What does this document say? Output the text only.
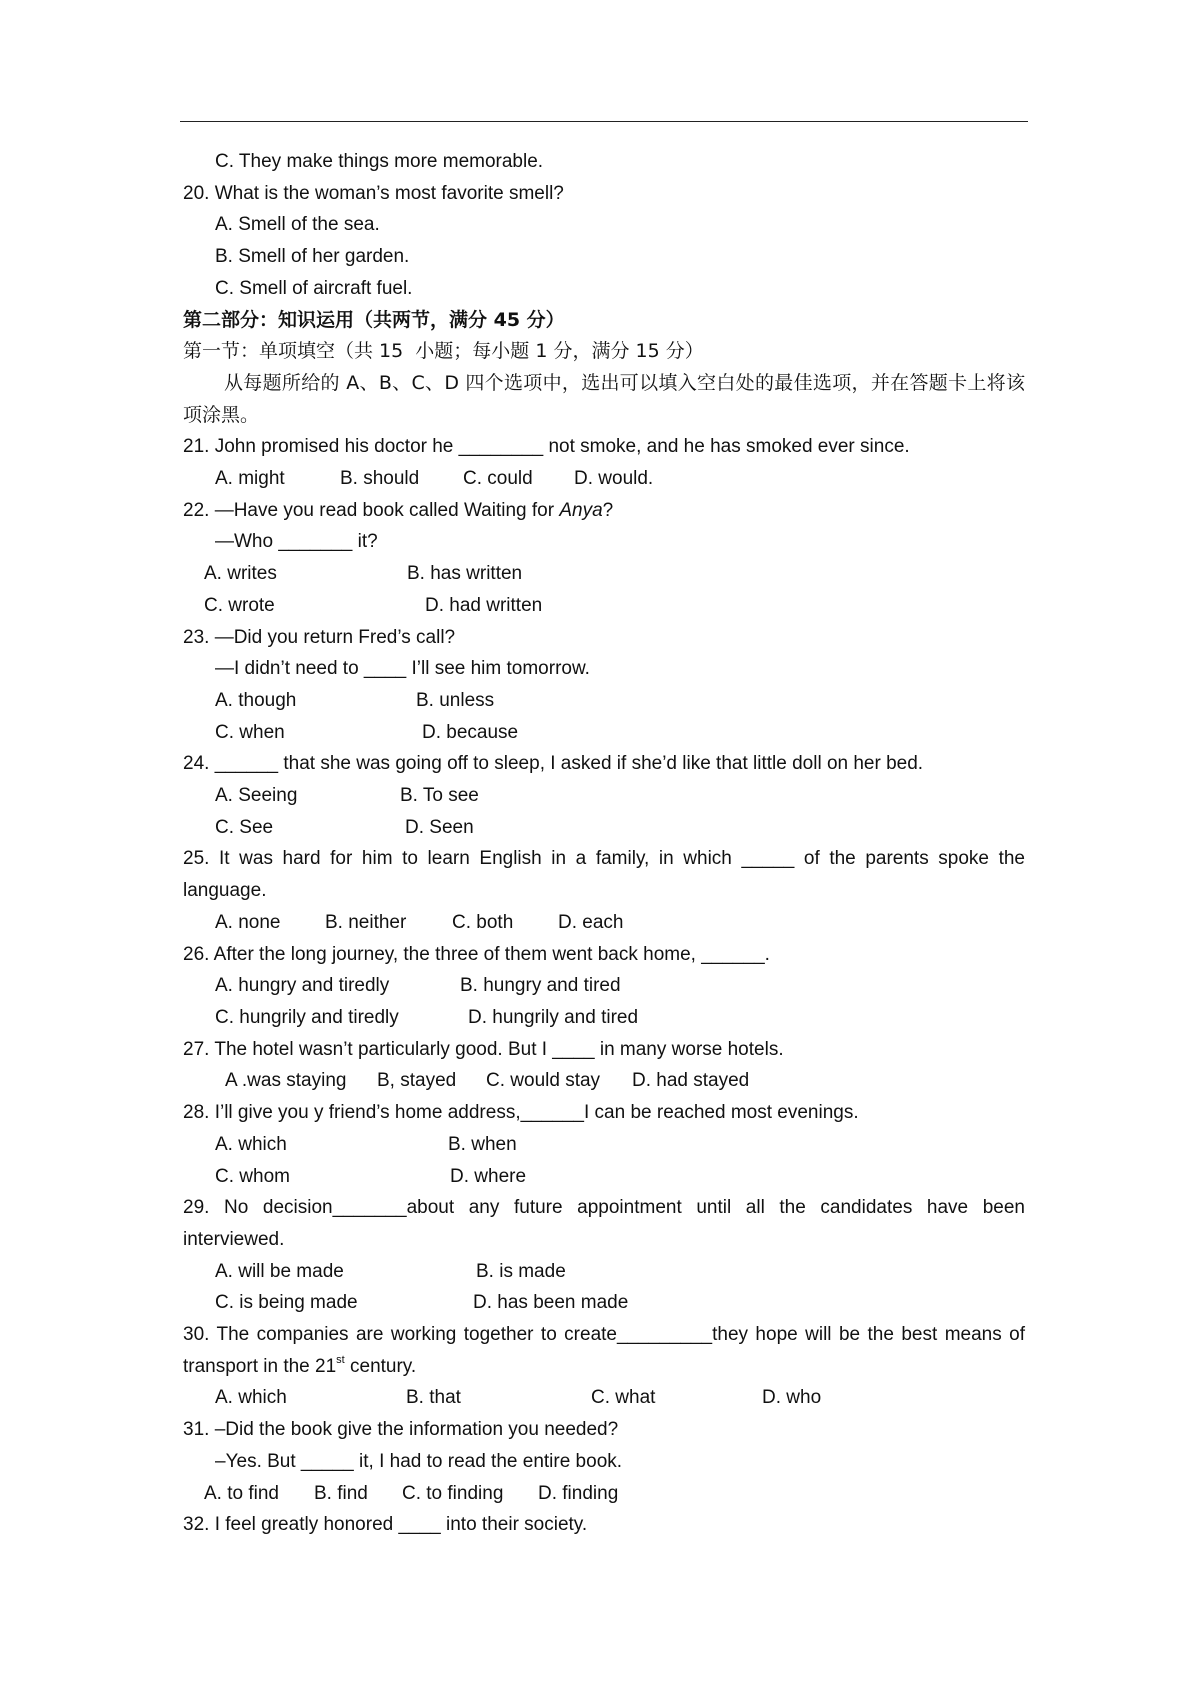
C. They make things more memorable.
20. What is the woman’s most favorite smell?
A. Smell of the sea.
B. Smell of her garden.
C. Smell of aircraft fuel.
第二部分：知识运用（共两节，满分 45 分）
第一节：单项填空（共 15  小题；每小题 1 分，满分 15 分）
从每题所给的 A、B、C、D 四个选项中，选出可以填入空白处的最佳选项，并在答题卡上将该项涂黑。
21. John promised his doctor he ________ not smoke, and he has smoked ever since.
A. might	B. should	C. could	D. would.
22. —Have you read book called Waiting for Anya?
—Who _______ it?
A. writes	B. has written
C. wrote	D. had written
23. —Did you return Fred’s call?
—I didn’t need to ____ I’ll see him tomorrow.
A. though	B. unless
C. when	D. because
24. ______ that she was going off to sleep, I asked if she’d like that little doll on her bed.
A. Seeing	B. To see
C. See	D. Seen
25. It was hard for him to learn English in a family, in which _____ of the parents spoke the language.
A. none	B. neither	C. both	D. each
26. After the long journey, the three of them went back home, ______.
A. hungry and tiredly	B. hungry and tired
C. hungrily and tiredly	D. hungrily and tired
27. The hotel wasn’t particularly good. But I ____ in many worse hotels.
A .was staying	B, stayed	C. would stay	D. had stayed
28. I’ll give you y friend’s home address,______I can be reached most evenings.
A. which	B. when
C. whom	D. where
29. No decision_______about any future appointment until all the candidates have been interviewed.
A. will be made	B. is made
C. is being made	D. has been made
30. The companies are working together to create_________they hope will be the best means of transport in the 21st century.
A. which	B. that	C. what	D. who
31. –Did the book give the information you needed?
–Yes. But _____ it, I had to read the entire book.
A. to find	B. find	C. to finding	D. finding
32. I feel greatly honored ____ into their society.
